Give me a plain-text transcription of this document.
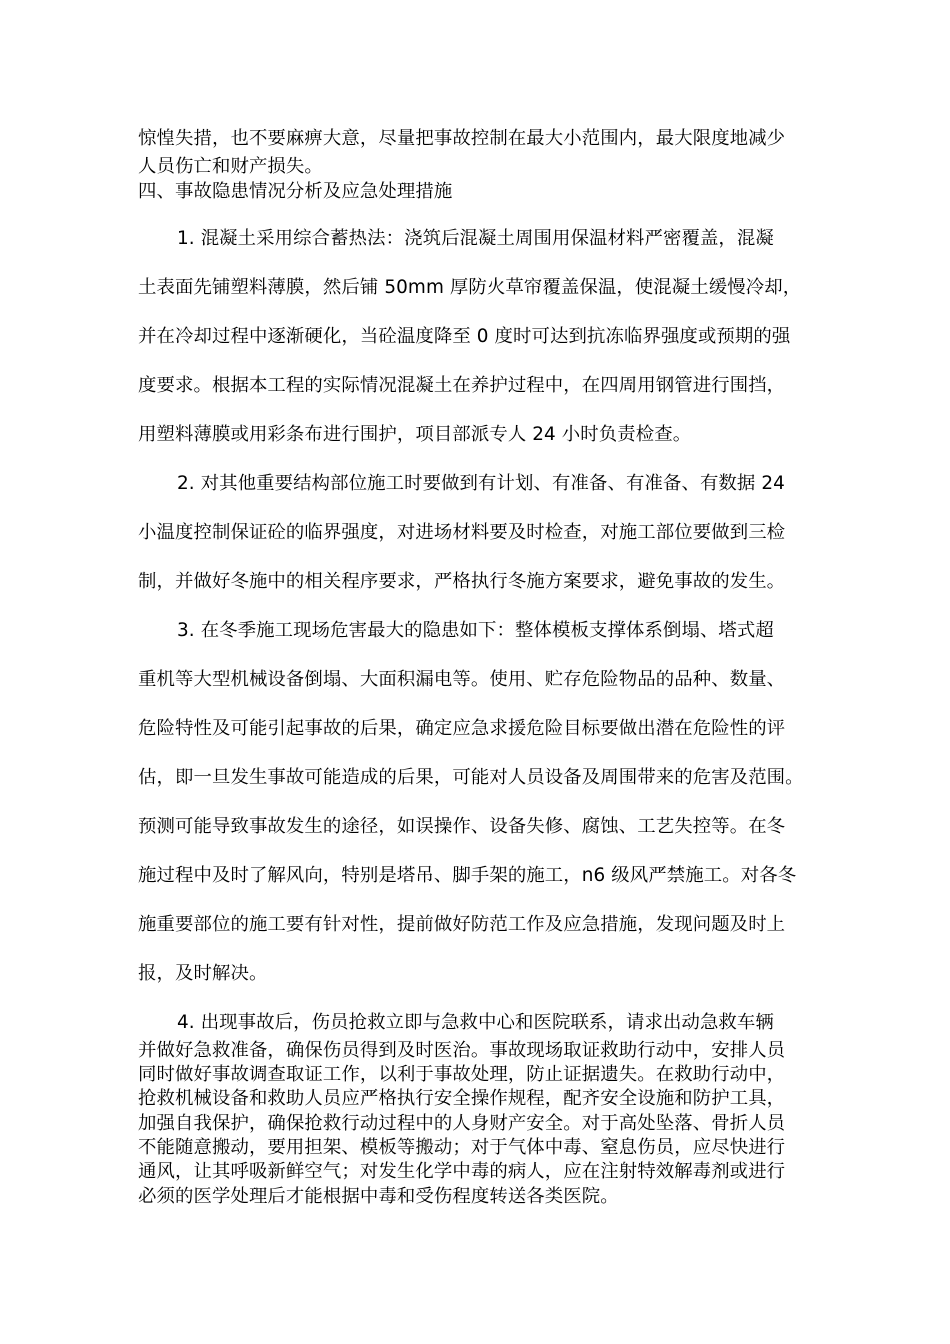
惊惶失措，也不要麻痹大意，尽量把事故控制在最大小范围内，最大限度地减少
人员伤亡和财产损失。
四、事故隐患情况分析及应急处理措施
1. 混凝土采用综合蓄热法：浇筑后混凝土周围用保温材料严密覆盖，混凝
土表面先铺塑料薄膜，然后铺 50mm 厚防火草帘覆盖保温，使混凝土缓慢冷却，
并在冷却过程中逐渐硬化，当砼温度降至 0 度时可达到抗冻临界强度或预期的强
度要求。根据本工程的实际情况混凝土在养护过程中，在四周用钢管进行围挡，
用塑料薄膜或用彩条布进行围护，项目部派专人 24 小时负责检查。
2. 对其他重要结构部位施工时要做到有计划、有准备、有准备、有数据 24
小温度控制保证砼的临界强度，对进场材料要及时检查，对施工部位要做到三检
制，并做好冬施中的相关程序要求，严格执行冬施方案要求，避免事故的发生。
3. 在冬季施工现场危害最大的隐患如下：整体模板支撑体系倒塌、塔式超
重机等大型机械设备倒塌、大面积漏电等。使用、贮存危险物品的品种、数量、
危险特性及可能引起事故的后果，确定应急求援危险目标要做出潜在危险性的评
估，即一旦发生事故可能造成的后果，可能对人员设备及周围带来的危害及范围。
预测可能导致事故发生的途径，如误操作、设备失修、腐蚀、工艺失控等。在冬
施过程中及时了解风向，特别是塔吊、脚手架的施工，n6 级风严禁施工。对各冬
施重要部位的施工要有针对性，提前做好防范工作及应急措施，发现问题及时上
报，及时解决。
4. 出现事故后，伤员抢救立即与急救中心和医院联系，请求出动急救车辆
并做好急救准备，确保伤员得到及时医治。事故现场取证救助行动中，安排人员
同时做好事故调查取证工作，以利于事故处理，防止证据遗失。在救助行动中，
抢救机械设备和救助人员应严格执行安全操作规程，配齐安全设施和防护工具，
加强自我保护，确保抢救行动过程中的人身财产安全。对于高处坠落、骨折人员
不能随意搬动，要用担架、模板等搬动；对于气体中毒、窒息伤员，应尽快进行
通风，让其呼吸新鲜空气；对发生化学中毒的病人，应在注射特效解毒剂或进行
必须的医学处理后才能根据中毒和受伤程度转送各类医院。
